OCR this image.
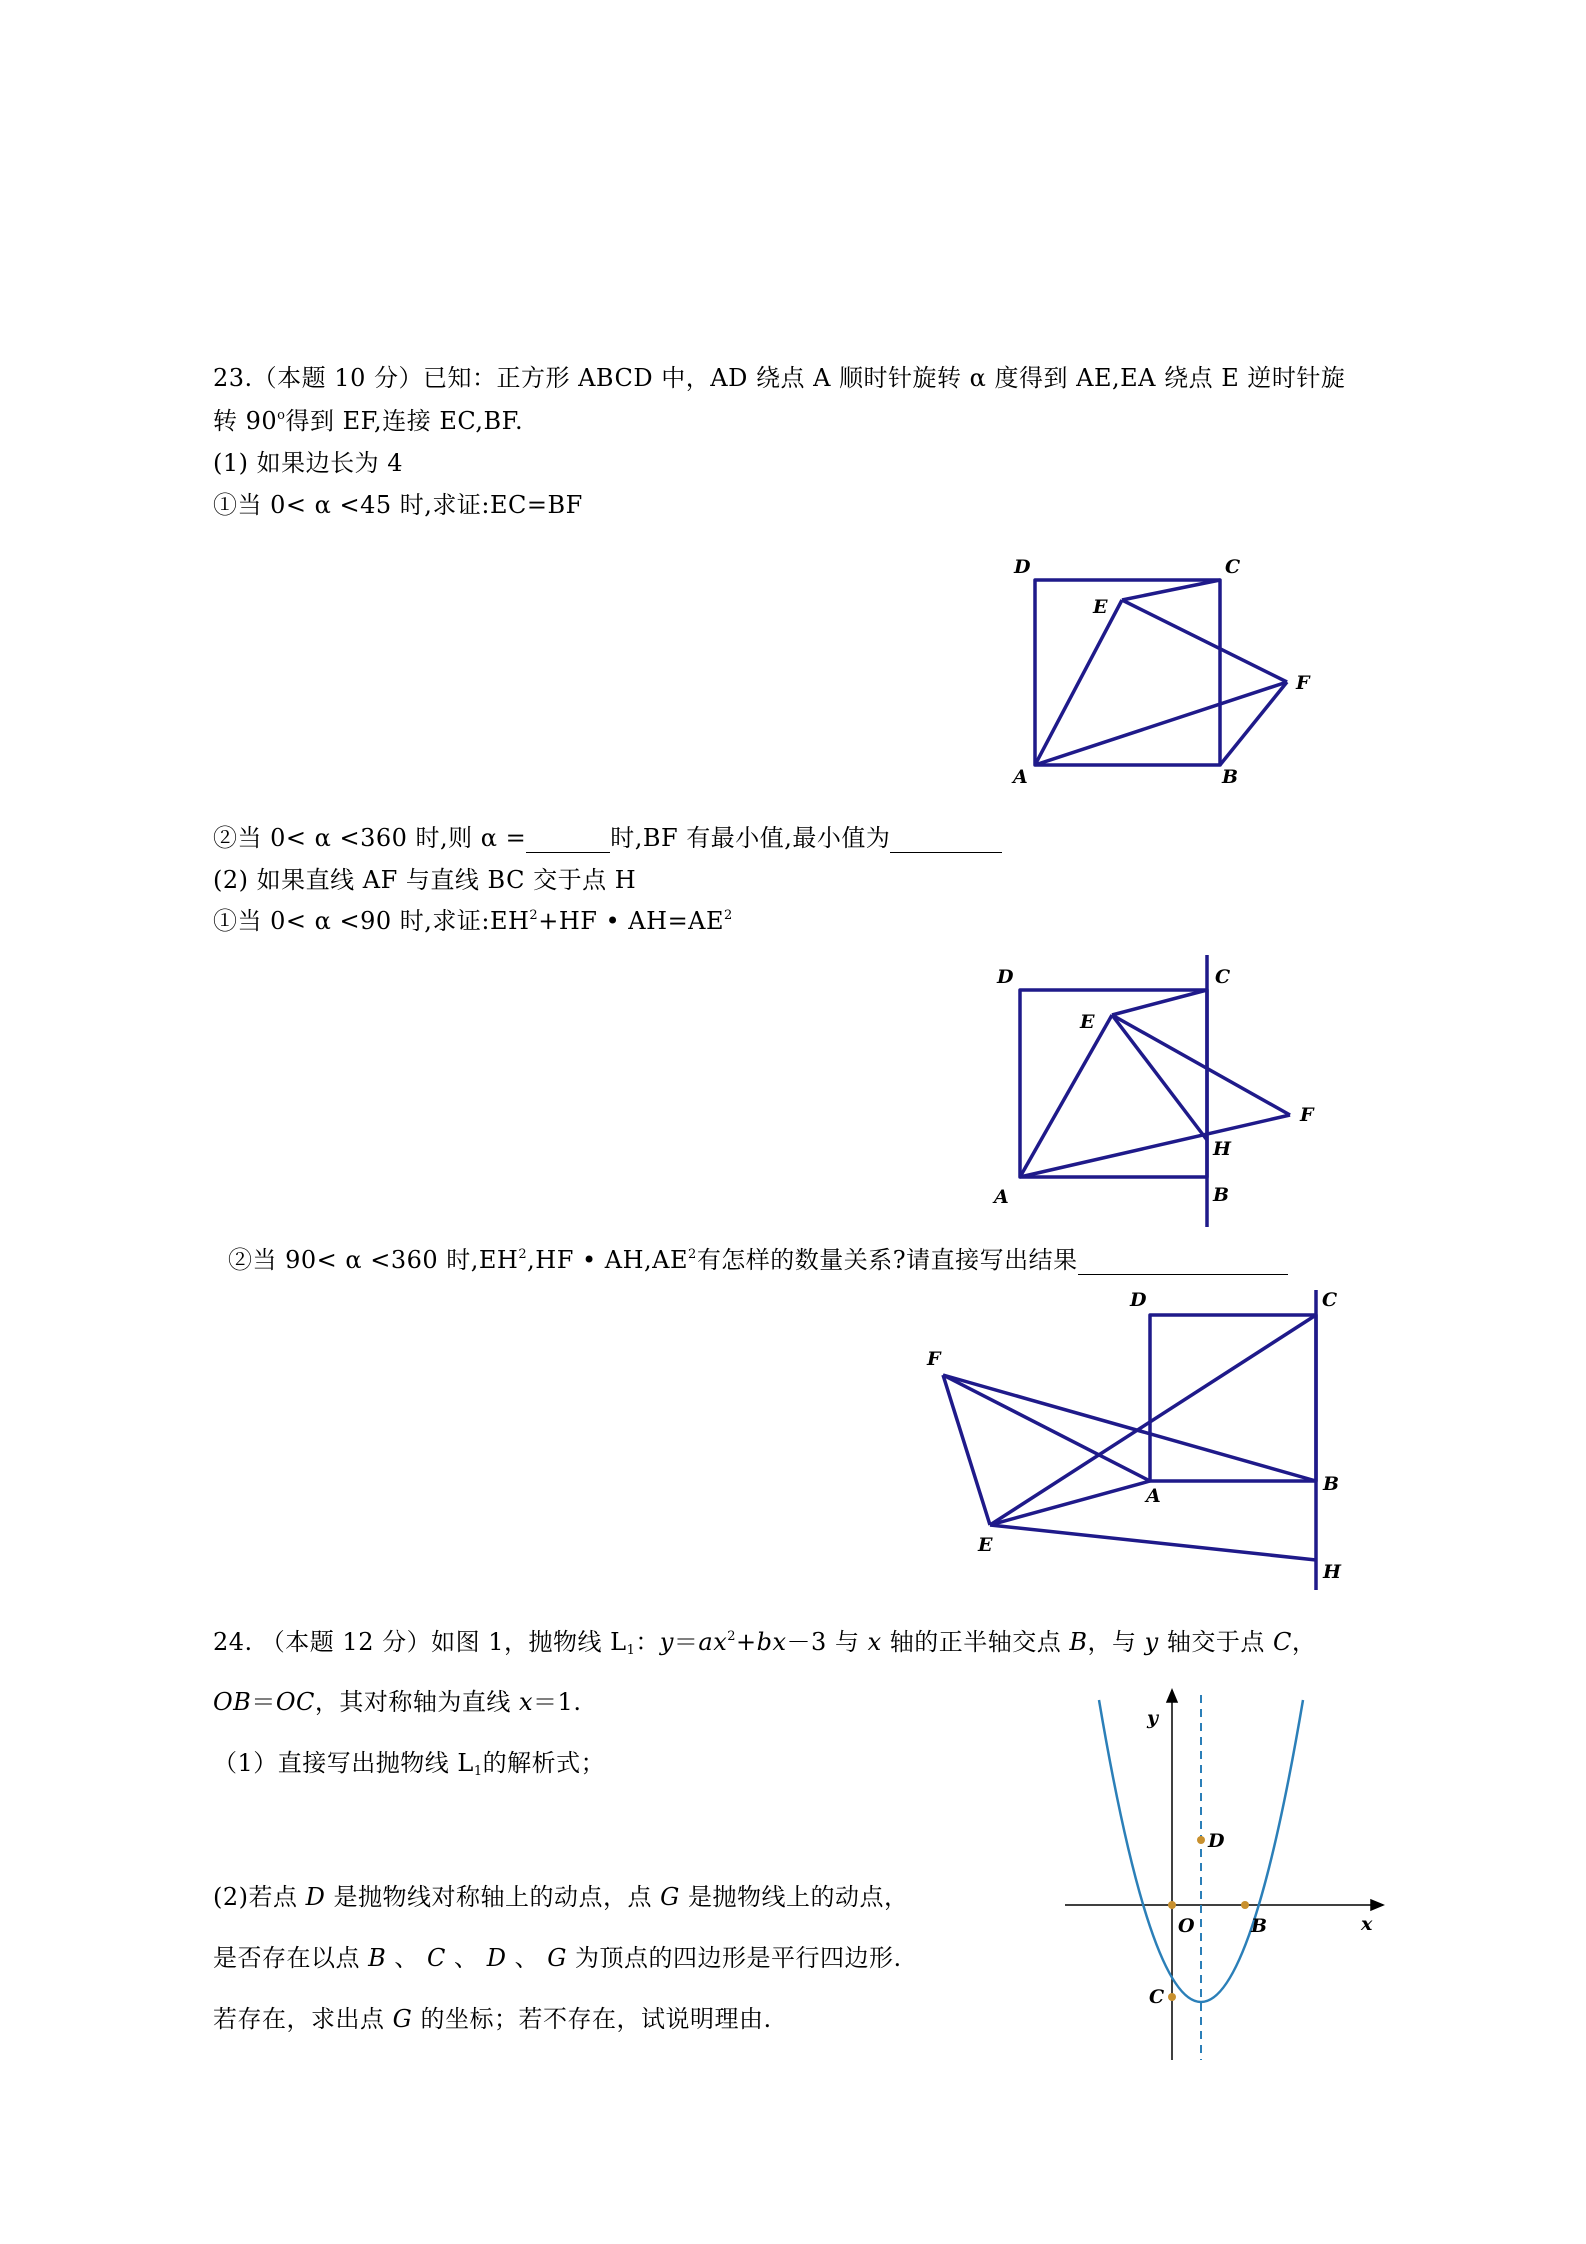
23.（本题 10 分）已知：正方形 ABCD 中，AD 绕点 A 顺时针旋转 α 度得到 AE,EA 绕点 E 逆时针旋
转 90$^o$得到 EF,连接 EC,BF.
(1) 如果边长为 4
①当 0< α <45 时,求证:EC=BF
D	C
E
F
A	B
②当 0< α <360 时,则 α =	时,BF 有最小值,最小值为
(2) 如果直线 AF 与直线 BC 交于点 H
①当 0< α <90 时,求证$:EH^2+HF$ • $AH=AE^2$
D	C
E
F
H
A	B
②当 90< α <360 时$,EH^2,HF$ • $AH,AE^2$有怎样的数量关系?请直接写出结果
D	C
F
A
B
E
H
24. （本题 12 分）如图 1，抛物线 $L_1$：$y=ax^2+bx-3$ 与 x 轴的正半轴交点 B，与 y 轴交于点 C，
OB＝OC，其对称轴为直线 x＝1.
（1）直接写出抛物线 $L_1$的解析式；
(2)若点 D 是抛物线对称轴上的动点，点 G 是抛物线上的动点，
是否存在以点 B 、 C 、 D 、 G 为顶点的四边形是平行四边形.
若存在，求出点 G 的坐标；若不存在，试说明理由.
y
x
O	B
D
C
